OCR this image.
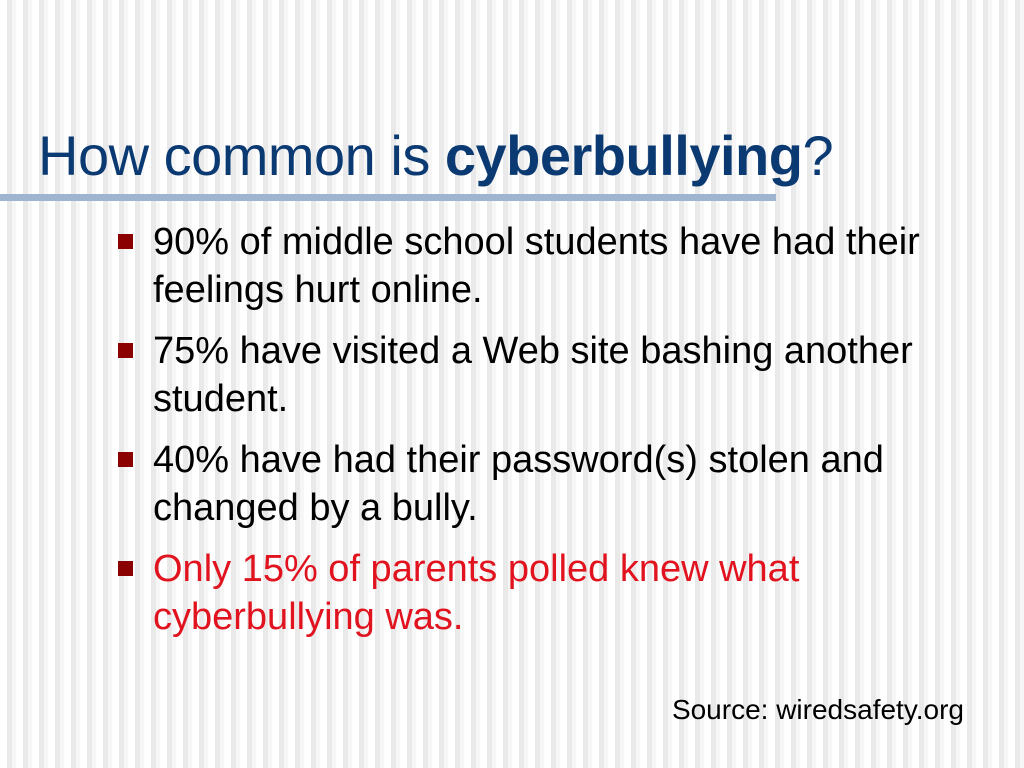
How common is cyberbullying?
90% of middle school students have had their feelings hurt online.
75% have visited a Web site bashing another student.
40% have had their password(s) stolen and changed by a bully.
Only 15% of parents polled knew what cyberbullying was.
Source: wiredsafety.org
